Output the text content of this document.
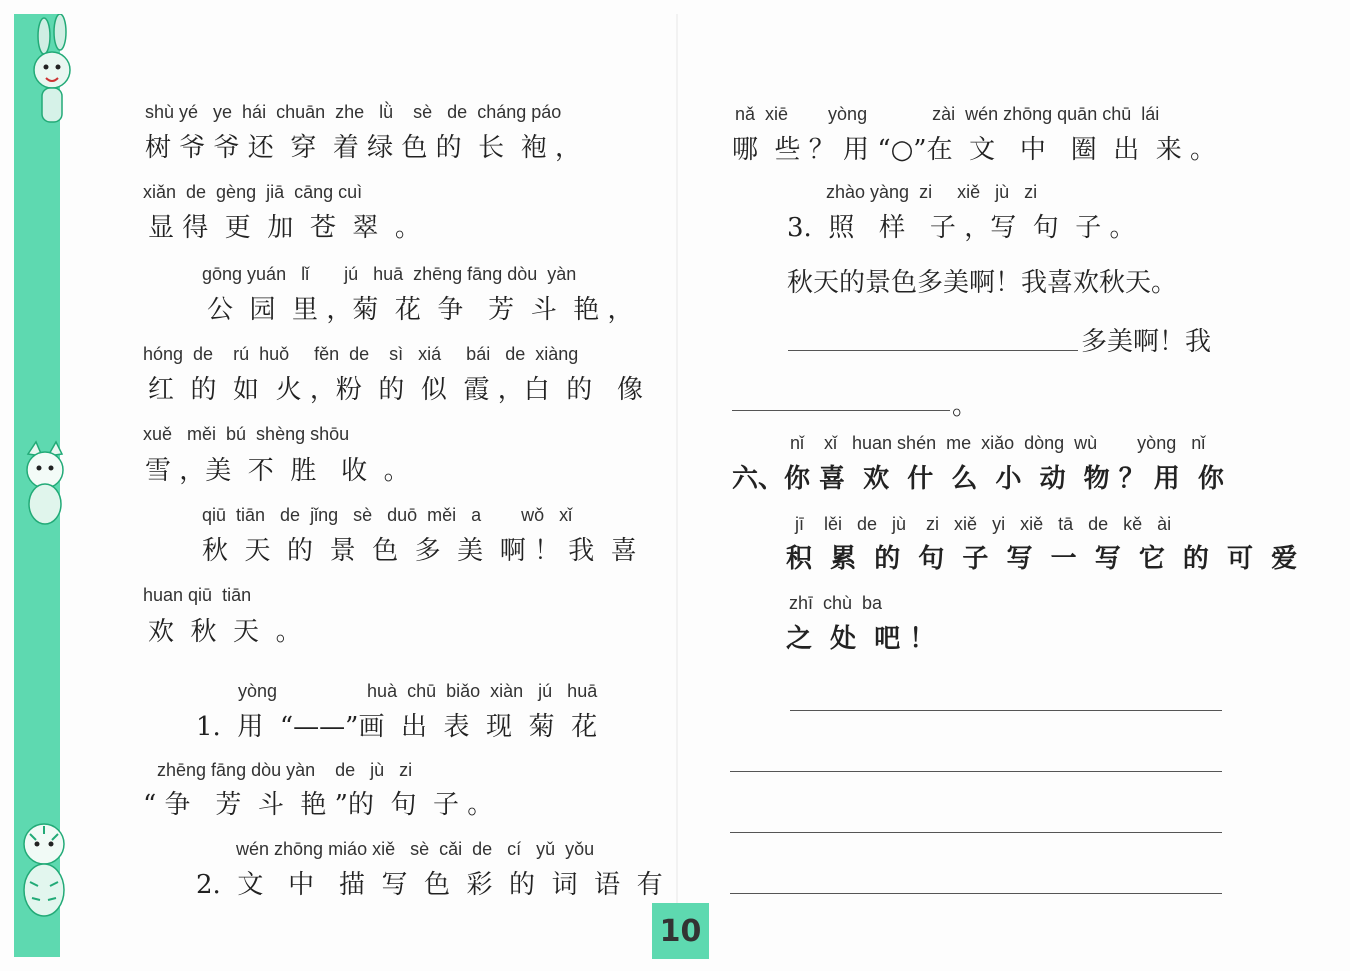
shù yé   ye  hái  chuān  zhe   lǜ    sè   de  cháng páo
树 爷 爷 还  穿  着 绿 色 的  长  袍 ，
xiǎn  de  gèng  jiā  cāng cuì
显 得  更  加  苍  翠  。
gōng yuán   lǐ       jú   huā  zhēng fāng dòu  yàn
公  园  里 ，菊  花  争   芳  斗  艳 ，
hóng  de    rú  huǒ     fěn  de    sì   xiá     bái   de  xiàng
红  的  如  火 ，粉  的  似  霞 ，白  的   像
xuě   měi  bú  shèng shōu
雪 ，美  不  胜   收  。
qiū  tiān   de  jǐng   sè   duō  měi   a        wǒ   xǐ
秋  天  的  景  色  多  美  啊 ！ 我  喜
huan qiū  tiān
欢  秋  天  。
yòng                  huà  chū  biǎo  xiàn   jú   huā
1.  用  “——”画  出  表  现  菊  花
zhēng fāng dòu yàn    de   jù   zi
“ 争   芳  斗  艳 ”的  句  子 。
wén zhōng miáo xiě   sè  cǎi  de   cí   yǔ  yǒu
2.  文   中   描  写  色  彩  的  词  语  有
nǎ  xiē        yòng             zài  wén zhōng quān chū  lái
哪  些 ？ 用 “○”在  文   中   圈  出  来 。
zhào yàng  zi     xiě   jù   zi
3.  照   样   子 ，写  句  子 。
秋天的景色多美啊！我喜欢秋天。
多美啊！我
。
nǐ    xǐ   huan shén  me  xiǎo  dòng  wù        yòng   nǐ
六、你 喜  欢  什  么  小  动  物 ？ 用  你
jī    lěi   de   jù    zi   xiě   yi   xiě   tā   de   kě   ài
积  累  的  句  子  写  一  写  它  的  可  爱
zhī  chù  ba
之  处  吧 ！
10
